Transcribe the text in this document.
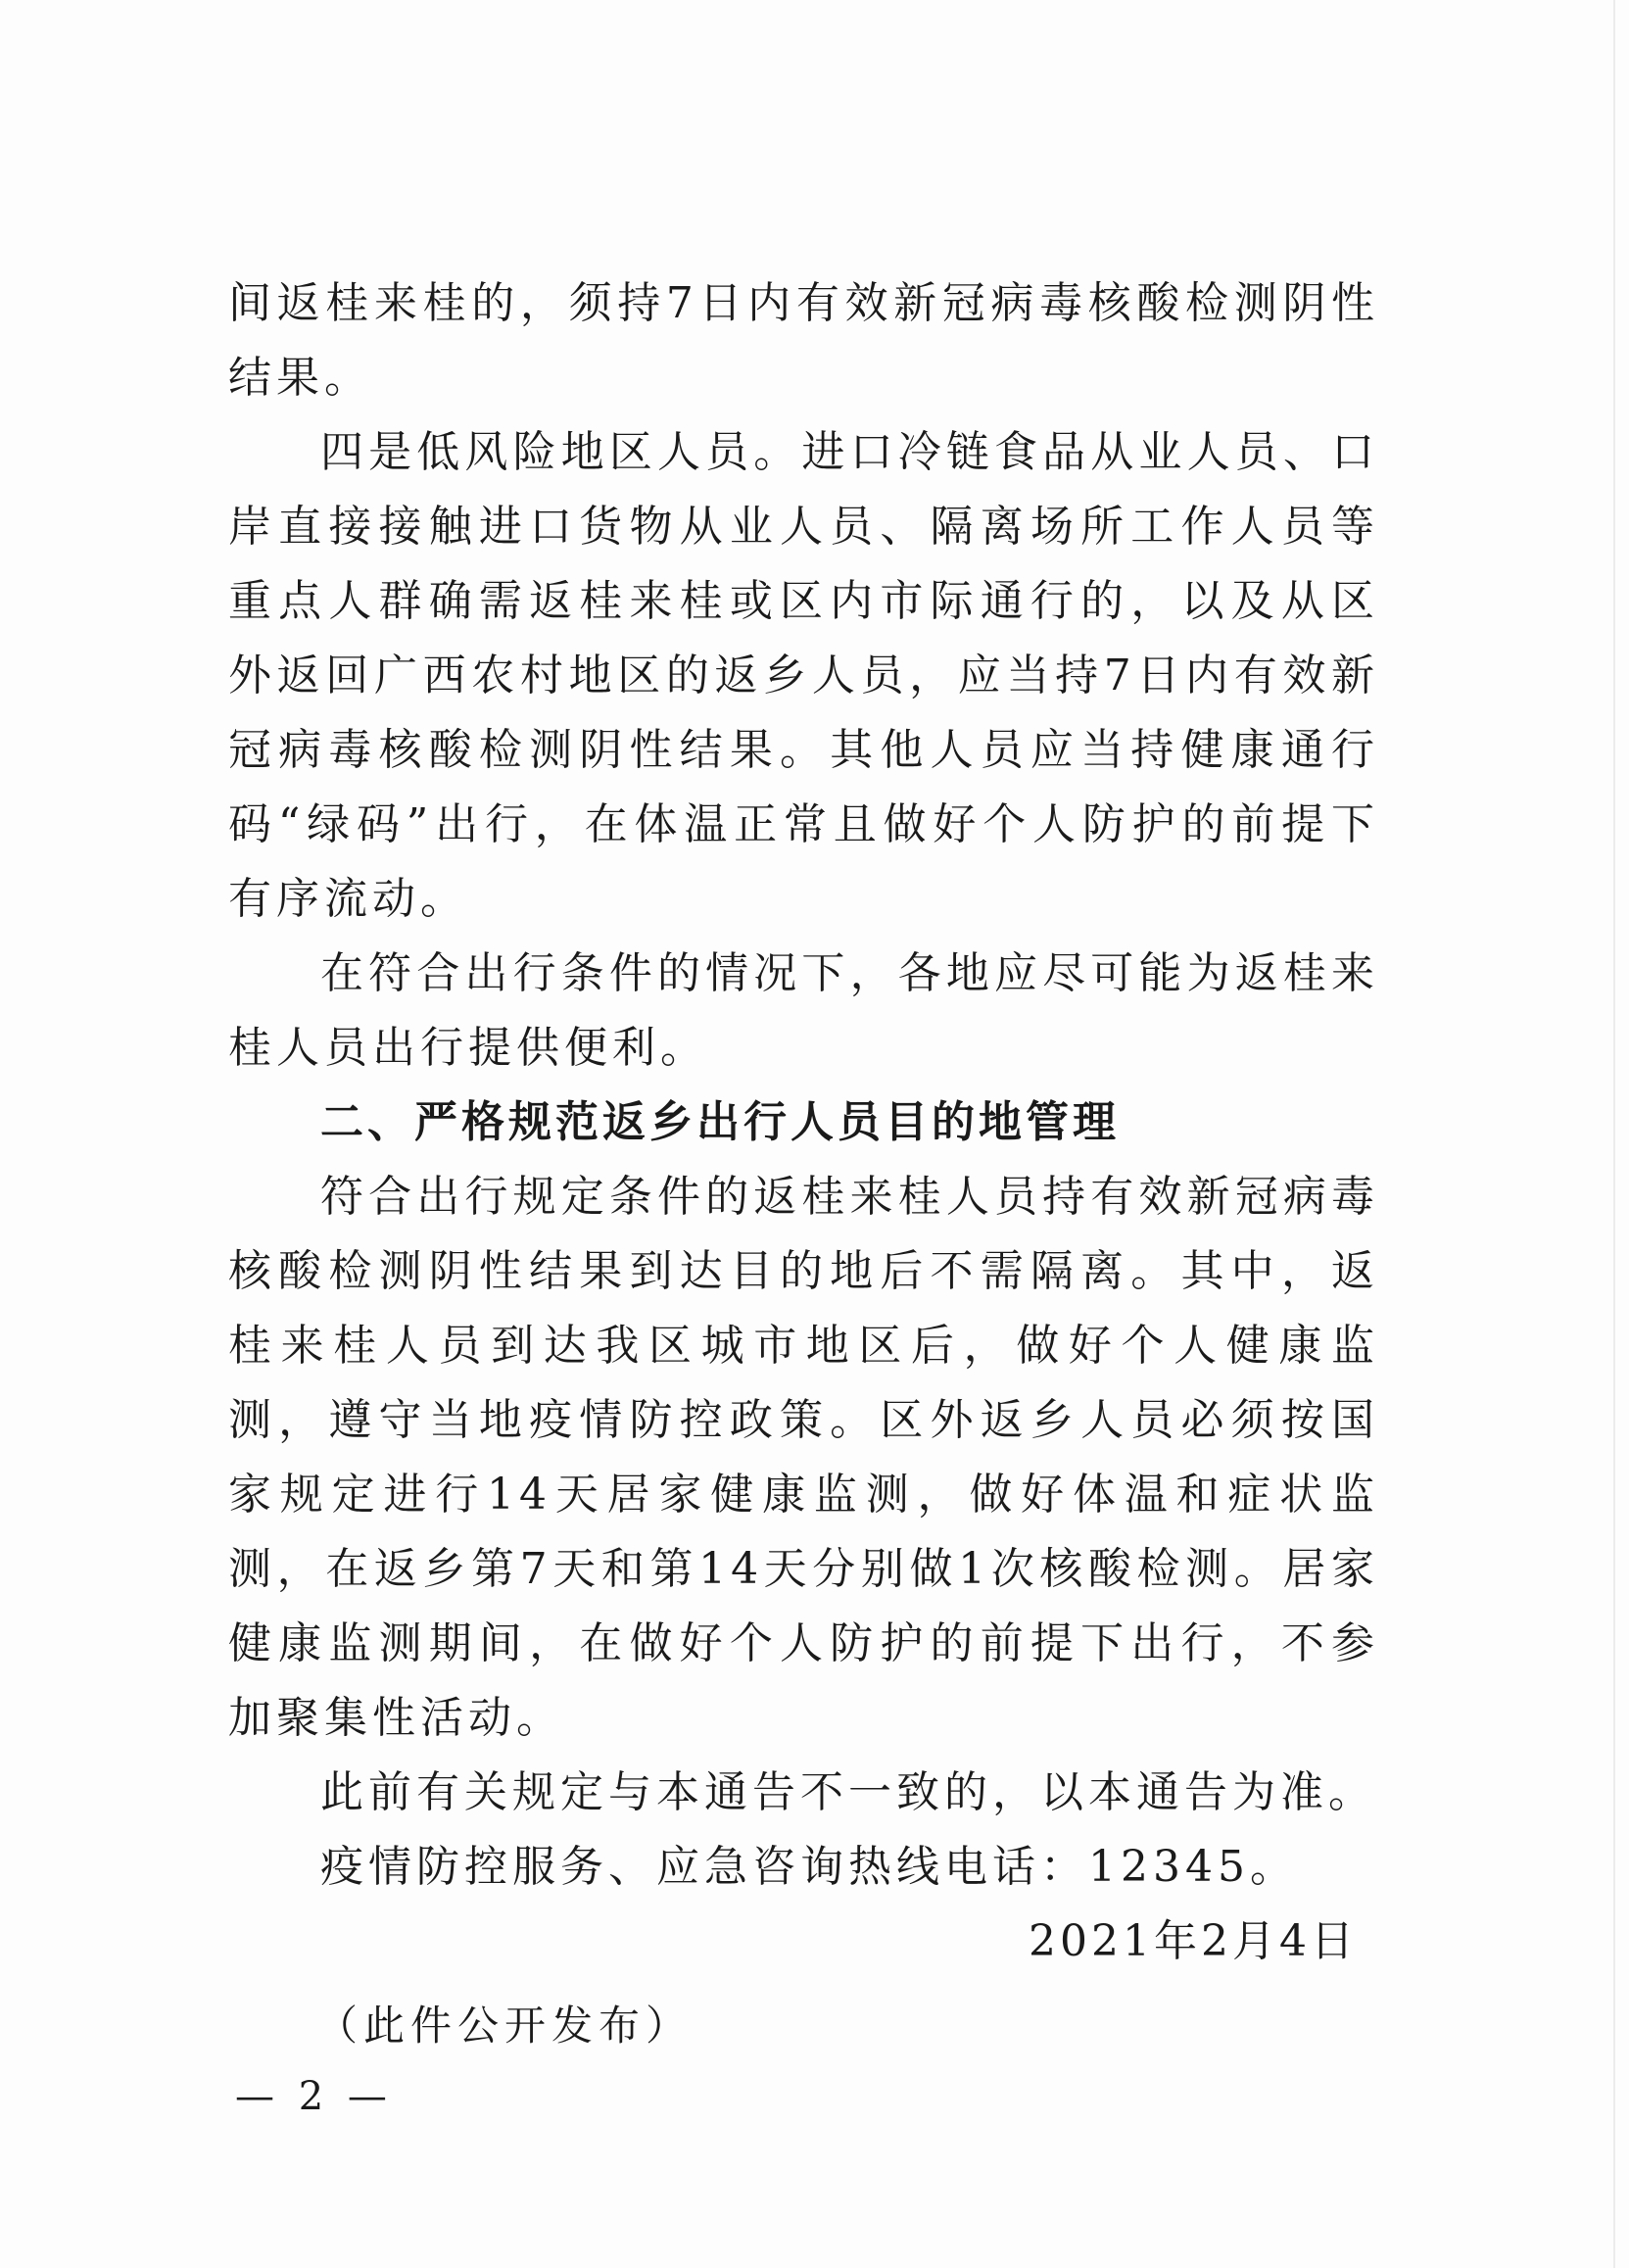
间返桂来桂的，须持7日内有效新冠病毒核酸检测阴性结果。

四是低风险地区人员。进口冷链食品从业人员、口岸直接接触进口货物从业人员、隔离场所工作人员等重点人群确需返桂来桂或区内市际通行的，以及从区外返回广西农村地区的返乡人员，应当持7日内有效新冠病毒核酸检测阴性结果。其他人员应当持健康通行码“绿码”出行，在体温正常且做好个人防护的前提下有序流动。

在符合出行条件的情况下，各地应尽可能为返桂来桂人员出行提供便利。

二、严格规范返乡出行人员目的地管理

符合出行规定条件的返桂来桂人员持有效新冠病毒核酸检测阴性结果到达目的地后不需隔离。其中，返桂来桂人员到达我区城市地区后，做好个人健康监测，遵守当地疫情防控政策。区外返乡人员必须按国家规定进行14天居家健康监测，做好体温和症状监测，在返乡第7天和第14天分别做1次核酸检测。居家健康监测期间，在做好个人防护的前提下出行，不参加聚集性活动。

此前有关规定与本通告不一致的，以本通告为准。

疫情防控服务、应急咨询热线电话：12345。

2021年2月4日
（此件公开发布）
— 2 —
